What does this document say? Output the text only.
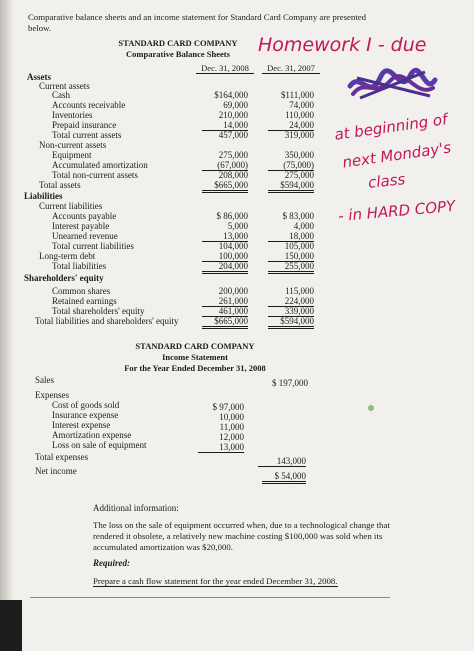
Comparative balance sheets and an income statement for Standard Card Company are presented below.
STANDARD CARD COMPANY
Comparative Balance Sheets
Dec. 31, 2008	Dec. 31, 2007
Assets
Current assets
Cash	$164,000	$111,000
Accounts receivable	69,000	74,000
Inventories	210,000	110,000
Prepaid insurance	14,000	24,000
Total current assets	457,000	319,000
Non-current assets
Equipment	275,000	350,000
Accumulated amortization	(67,000)	(75,000)
Total non-current assets	208,000	275,000
Total assets	$665,000	$594,000
Liabilities
Current liabilities
Accounts payable	$ 86,000	$ 83,000
Interest payable	5,000	4,000
Unearned revenue	13,000	18,000
Total current liabilities	104,000	105,000
Long-term debt	100,000	150,000
Total liabilities	204,000	255,000
Shareholders' equity
Common shares	200,000	115,000
Retained earnings	261,000	224,000
Total shareholders' equity	461,000	339,000
Total liabilities and shareholders' equity	$665,000	$594,000
STANDARD CARD COMPANY
Income Statement
For the Year Ended December 31, 2008
Sales	$ 197,000
Expenses
Cost of goods sold	$ 97,000
Insurance expense	10,000
Interest expense	11,000
Amortization expense	12,000
Loss on sale of equipment	13,000
Total expenses	143,000
Net income	$ 54,000
Additional information:
The loss on the sale of equipment occurred when, due to a technological change that rendered it obsolete, a relatively new machine costing $100,000 was sold when its accumulated amortization was $20,000.
Required:
Prepare a cash flow statement for the year ended December 31, 2008.
Homework I - due
at beginning of
next Monday's
class
- in HARD COPY
